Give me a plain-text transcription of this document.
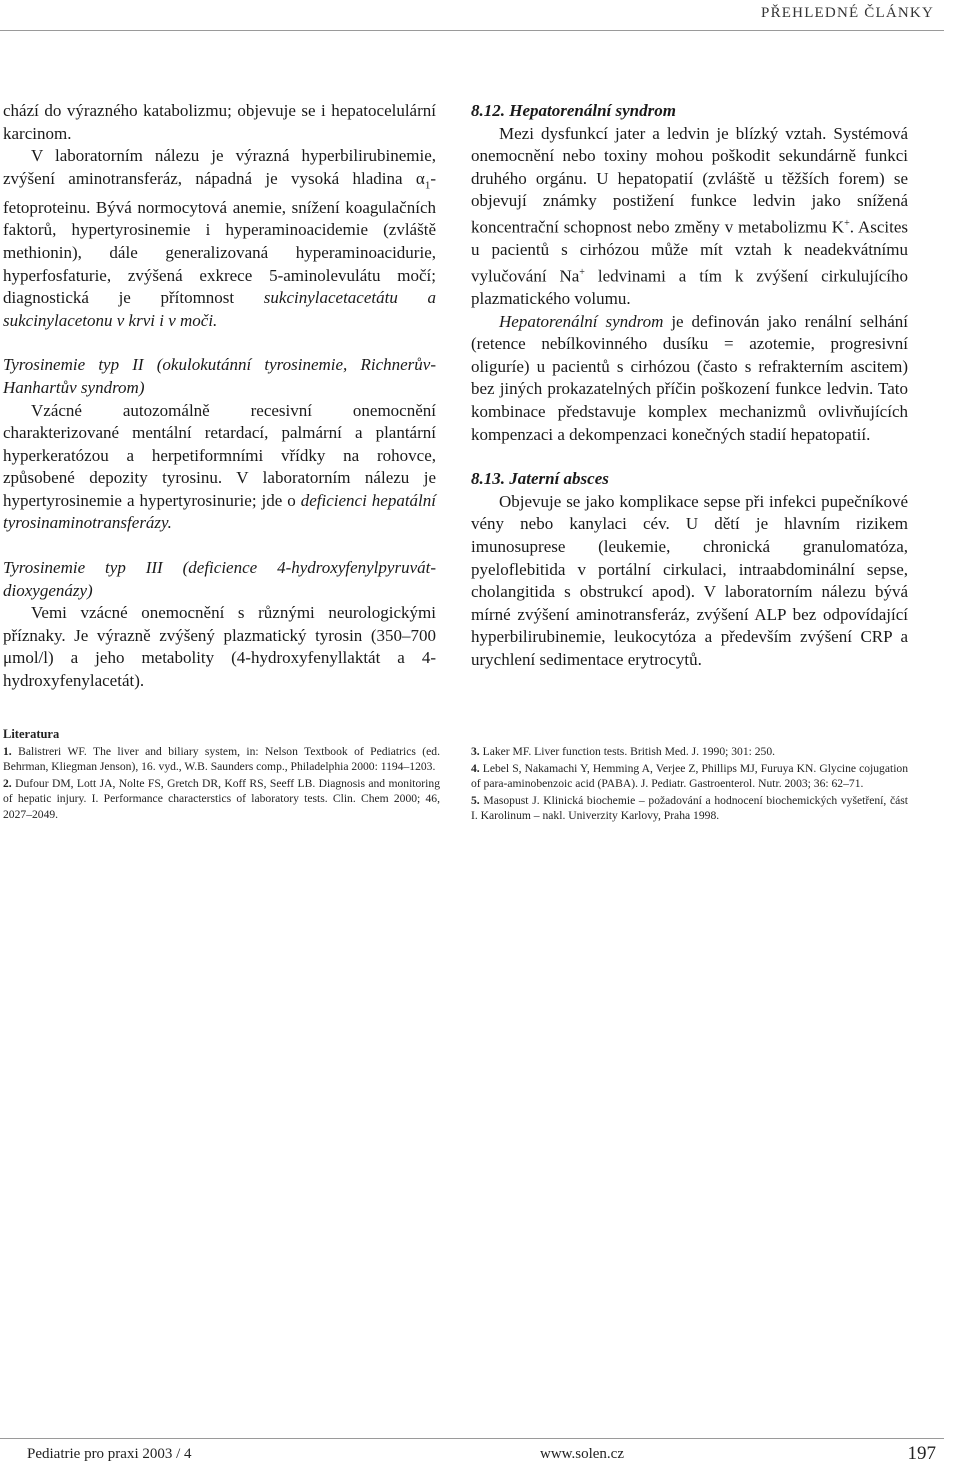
PŘEHLEDNÉ ČLÁNKY

chází do výrazného katabolizmu; objevuje se i hepatocelulární karcinom.

V laboratorním nálezu je výrazná hyperbilirubinemie, zvýšení aminotransferáz, nápadná je vysoká hladina $\alpha_1$-fetoproteinu. Bývá normocytová anemie, snížení koagulačních faktorů, hypertyrosinemie i hyperaminoacidemie (zvláště methionin), dále generalizovaná hyperaminoacidurie, hyperfosfaturie, zvýšená exkrece 5-aminolevulátu močí; diagnostická je přítomnost sukcinylacetacetátu a sukcinylacetonu v krvi i v moči.

Tyrosinemie typ II (okulokutánní tyrosinemie, Richnerův-Hanhartův syndrom)

Vzácné autozomálně recesivní onemocnění charakterizované mentální retardací, palmární a plantární hyperkeratózou a herpetiformními vřídky na rohovce, způsobené depozity tyrosinu. V laboratorním nálezu je hypertyrosinemie a hypertyrosinurie; jde o deficienci hepatální tyrosinaminotransferázy.

Tyrosinemie typ III (deficience 4-hydroxyfenylpyruvát-dioxygenázy)

Vemi vzácné onemocnění s různými neurologickými příznaky. Je výrazně zvýšený plazmatický tyrosin (350–700 μmol/l) a jeho metabolity (4-hydroxyfenyllaktát a 4-hydroxyfenylacetát).

8.12. Hepatorenální syndrom

Mezi dysfunkcí jater a ledvin je blízký vztah. Systémová onemocnění nebo toxiny mohou poškodit sekundárně funkci druhého orgánu. U hepatopatií (zvláště u těžších forem) se objevují známky postižení funkce ledvin jako snížená koncentrační schopnost nebo změny v metabolizmu K+. Ascites u pacientů s cirhózou může mít vztah k neadekvátnímu vylučování Na+ ledvinami a tím k zvýšení cirkulujícího plazmatického volumu.

Hepatorenální syndrom je definován jako renální selhání (retence nebílkovinného dusíku = azotemie, progresivní oliguríe) u pacientů s cirhózou (často s refrakterním ascitem) bez jiných prokazatelných příčin poškození funkce ledvin. Tato kombinace představuje komplex mechanizmů ovlivňujících kompenzaci a dekompenzaci konečných stadií hepatopatií.

8.13. Jaterní absces

Objevuje se jako komplikace sepse při infekci pupečníkové vény nebo kanylaci cév. U dětí je hlavním rizikem imunosuprese (leukemie, chronická granulomatóza, pyeloflebitida v portální cirkulaci, intraabdominální sepse, cholangitida s obstrukcí apod). V laboratorním nálezu bývá mírné zvýšení aminotransferáz, zvýšení ALP bez odpovídající hyperbilirubinemie, leukocytóza a především zvýšení CRP a urychlení sedimentace erytrocytů.

Literatura

1. Balistreri WF. The liver and biliary system, in: Nelson Textbook of Pediatrics (ed. Behrman, Kliegman Jenson), 16. vyd., W.B. Saunders comp., Philadelphia 2000: 1194–1203.

2. Dufour DM, Lott JA, Nolte FS, Gretch DR, Koff RS, Seeff LB. Diagnosis and monitoring of hepatic injury. I. Performance characterstics of laboratory tests. Clin. Chem 2000; 46, 2027–2049.

3. Laker MF. Liver function tests. British Med. J. 1990; 301: 250.

4. Lebel S, Nakamachi Y, Hemming A, Verjee Z, Phillips MJ, Furuya KN. Glycine cojugation of para-aminobenzoic acid (PABA). J. Pediatr. Gastroenterol. Nutr. 2003; 36: 62–71.

5. Masopust J. Klinická biochemie – požadování a hodnocení biochemických vyšetření, část I. Karolinum – nakl. Univerzity Karlovy, Praha 1998.

Pediatrie pro praxi 2003 / 4	www.solen.cz	197
